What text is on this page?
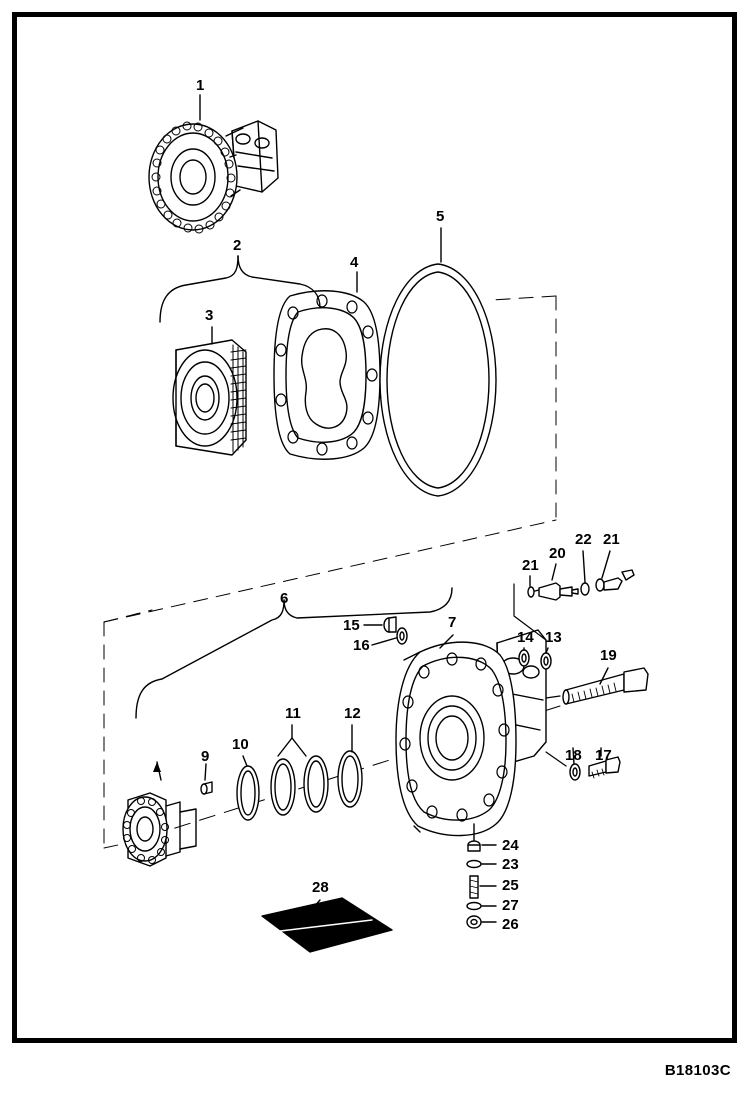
1
2
3
4
5
6
7
9
10
11	12
13
14
15
16
17
18
19
20
21
21
22
23
24
25
26
27
28
B18103C
